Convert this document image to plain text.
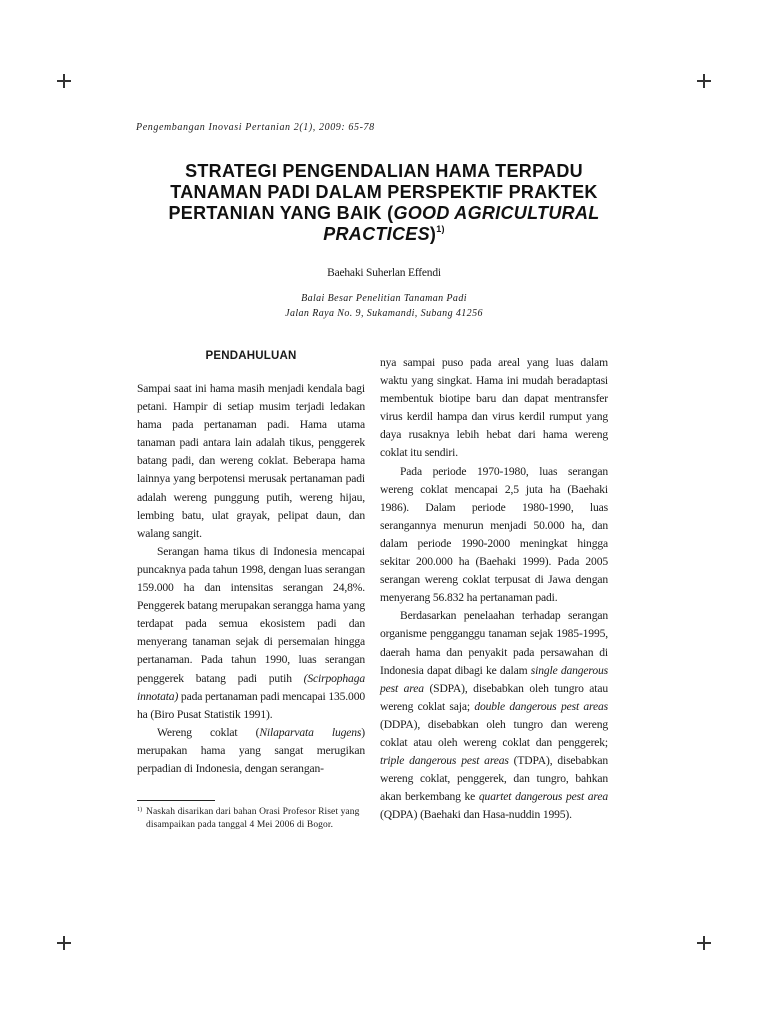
Pengembangan Inovasi Pertanian 2(1), 2009: 65-78
STRATEGI PENGENDALIAN HAMA TERPADU
TANAMAN PADI DALAM PERSPEKTIF PRAKTEK
PERTANIAN YANG BAIK (GOOD AGRICULTURAL
PRACTICES)$^{1)}$
Baehaki Suherlan Effendi
Balai Besar Penelitian Tanaman Padi
Jalan Raya No. 9, Sukamandi, Subang 41256
PENDAHULUAN

Sampai saat ini hama masih menjadi kendala bagi petani. Hampir di setiap musim terjadi ledakan hama pada pertanaman padi. Hama utama tanaman padi antara lain adalah tikus, penggerek batang padi, dan wereng coklat. Beberapa hama lainnya yang berpotensi merusak pertanaman padi adalah wereng punggung putih, wereng hijau, lembing batu, ulat grayak, pelipat daun, dan walang sangit.

Serangan hama tikus di Indonesia mencapai puncaknya pada tahun 1998, dengan luas serangan 159.000 ha dan intensitas serangan 24,8%. Penggerek batang merupakan serangga hama yang terdapat pada semua ekosistem padi dan menyerang tanaman sejak di persemaian hingga pertanaman. Pada tahun 1990, luas serangan penggerek batang padi putih (Scirpophaga innotata) pada pertanaman padi mencapai 135.000 ha (Biro Pusat Statistik 1991).

Wereng coklat (Nilaparvata lugens) merupakan hama yang sangat merugikan perpadian di Indonesia, dengan serangan-

1) Naskah disarikan dari bahan Orasi Profesor Riset yang disampaikan pada tanggal 4 Mei 2006 di Bogor.

nya sampai puso pada areal yang luas dalam waktu yang singkat. Hama ini mudah beradaptasi membentuk biotipe baru dan dapat mentransfer virus kerdil hampa dan virus kerdil rumput yang daya rusaknya lebih hebat dari hama wereng coklat itu sendiri.

Pada periode 1970-1980, luas serangan wereng coklat mencapai 2,5 juta ha (Baehaki 1986). Dalam periode 1980-1990, luas serangannya menurun menjadi 50.000 ha, dan dalam periode 1990-2000 meningkat hingga sekitar 200.000 ha (Baehaki 1999). Pada 2005 serangan wereng coklat terpusat di Jawa dengan menyerang 56.832 ha pertanaman padi.

Berdasarkan penelaahan terhadap serangan organisme pengganggu tanaman sejak 1985-1995, daerah hama dan penyakit pada persawahan di Indonesia dapat dibagi ke dalam single dangerous pest area (SDPA), disebabkan oleh tungro atau wereng coklat saja; double dangerous pest areas (DDPA), disebabkan oleh tungro dan wereng coklat atau oleh wereng coklat dan penggerek; triple dangerous pest areas (TDPA), disebabkan wereng coklat, penggerek, dan tungro, bahkan akan berkembang ke quartet dangerous pest area (QDPA) (Baehaki dan Hasa-nuddin 1995).
